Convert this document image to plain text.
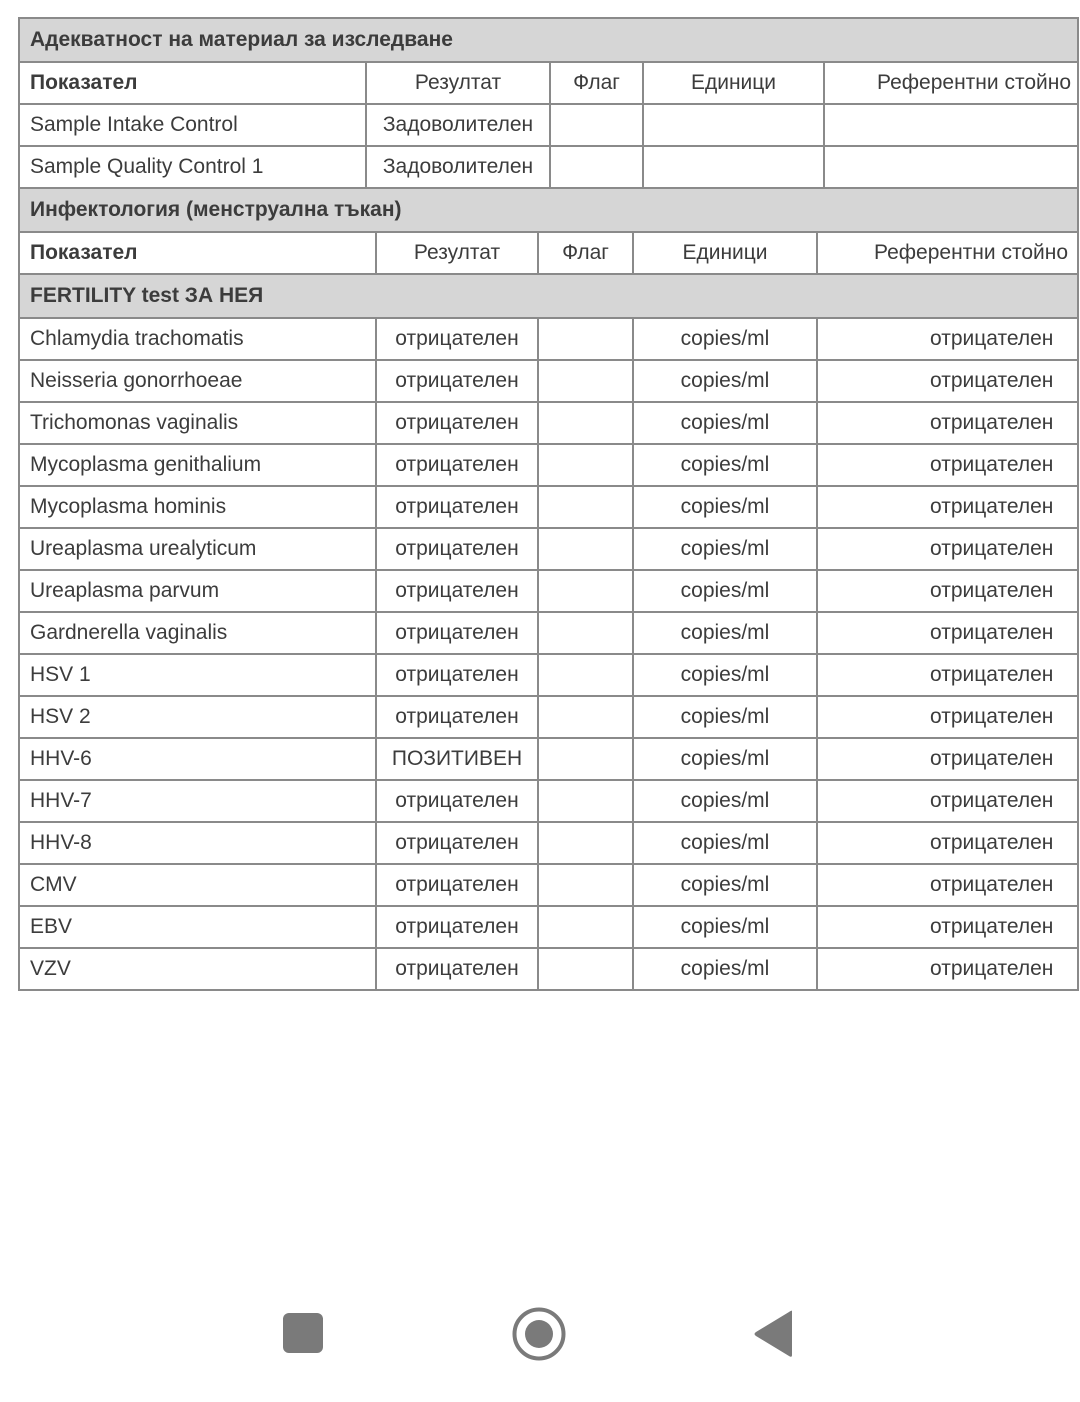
Адекватност на материал за изследване				
Показател	Резултат	Флаг	Единици	Референтни стойно
Sample Intake Control	Задоволителен			
Sample Quality Control 1	Задоволителен			
Инфектология (менструална тъкан)				
Показател	Резултат	Флаг	Единици	Референтни стойно
FERTILITY test ЗА НЕЯ				
Chlamydia trachomatis	отрицателен		copies/ml	отрицателен
Neisseria gonorrhoeae	отрицателен		copies/ml	отрицателен
Trichomonas vaginalis	отрицателен		copies/ml	отрицателен
Mycoplasma genithalium	отрицателен		copies/ml	отрицателен
Mycoplasma hominis	отрицателен		copies/ml	отрицателен
Ureaplasma urealyticum	отрицателен		copies/ml	отрицателен
Ureaplasma parvum	отрицателен		copies/ml	отрицателен
Gardnerella vaginalis	отрицателен		copies/ml	отрицателен
HSV 1	отрицателен		copies/ml	отрицателен
HSV 2	отрицателен		copies/ml	отрицателен
HHV-6	ПОЗИТИВЕН		copies/ml	отрицателен
HHV-7	отрицателен		copies/ml	отрицателен
HHV-8	отрицателен		copies/ml	отрицателен
CMV	отрицателен		copies/ml	отрицателен
EBV	отрицателен		copies/ml	отрицателен
VZV	отрицателен		copies/ml	отрицателен
